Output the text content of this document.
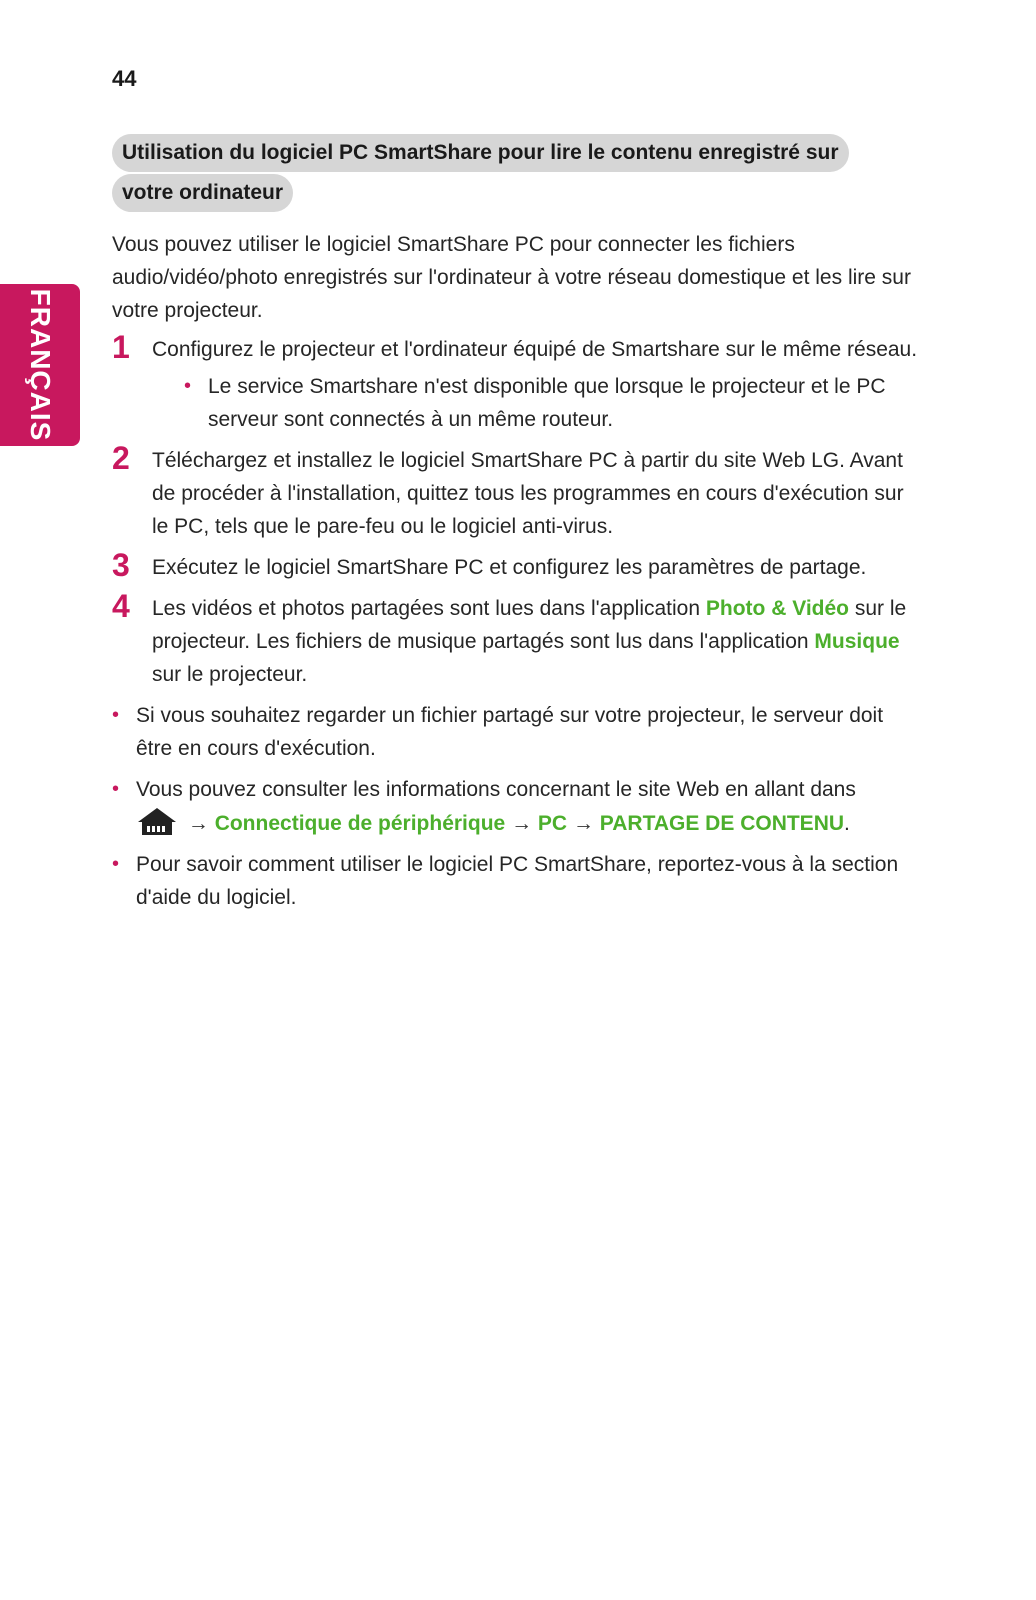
44
FRANÇAIS
Utilisation du logiciel PC SmartShare pour lire le contenu enregistré sur
votre ordinateur

Vous pouvez utiliser le logiciel SmartShare PC pour connecter les fichiers audio/vidéo/photo enregistrés sur l'ordinateur à votre réseau domestique et les lire sur votre projecteur.

1 Configurez le projecteur et l'ordinateur équipé de Smartshare sur le même réseau.
• Le service Smartshare n'est disponible que lorsque le projecteur et le PC serveur sont connectés à un même routeur.
2 Téléchargez et installez le logiciel SmartShare PC à partir du site Web LG. Avant de procéder à l'installation, quittez tous les programmes en cours d'exécution sur le PC, tels que le pare-feu ou le logiciel anti-virus.
3 Exécutez le logiciel SmartShare PC et configurez les paramètres de partage.
4 Les vidéos et photos partagées sont lues dans l'application Photo & Vidéo sur le projecteur. Les fichiers de musique partagés sont lus dans l'application Musique sur le projecteur.
• Si vous souhaitez regarder un fichier partagé sur votre projecteur, le serveur doit être en cours d'exécution.
• Vous pouvez consulter les informations concernant le site Web en allant dans
→ Connectique de périphérique → PC → PARTAGE DE CONTENU.
• Pour savoir comment utiliser le logiciel PC SmartShare, reportez-vous à la section d'aide du logiciel.
